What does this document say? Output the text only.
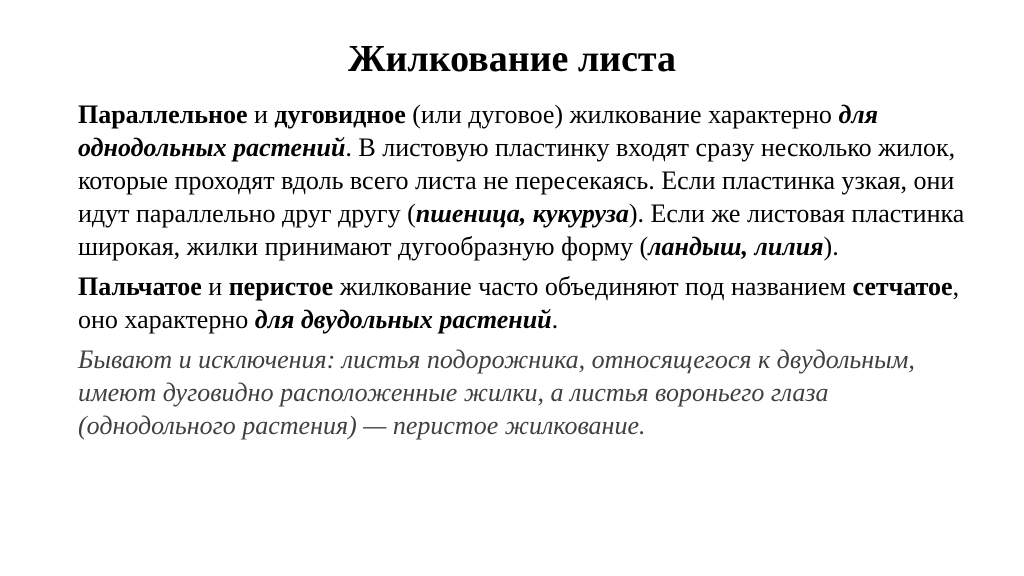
Жилкование листа

Параллельное и дуговидное (или дуговое) жилкование характерно для однодольных растений. В листовую пластинку входят сразу несколько жилок, которые проходят вдоль всего листа не пересекаясь. Если пластинка узкая, они идут параллельно друг другу (пшеница, кукуруза). Если же листовая пластинка широкая, жилки принимают дугообразную форму (ландыш, лилия).

Пальчатое и перистое жилкование часто объединяют под названием сетчатое, оно характерно для двудольных растений.

Бывают и исключения: листья подорожника, относящегося к двудольным, имеют дуговидно расположенные жилки, а листья вороньего глаза (однодольного растения) — перистое жилкование.
